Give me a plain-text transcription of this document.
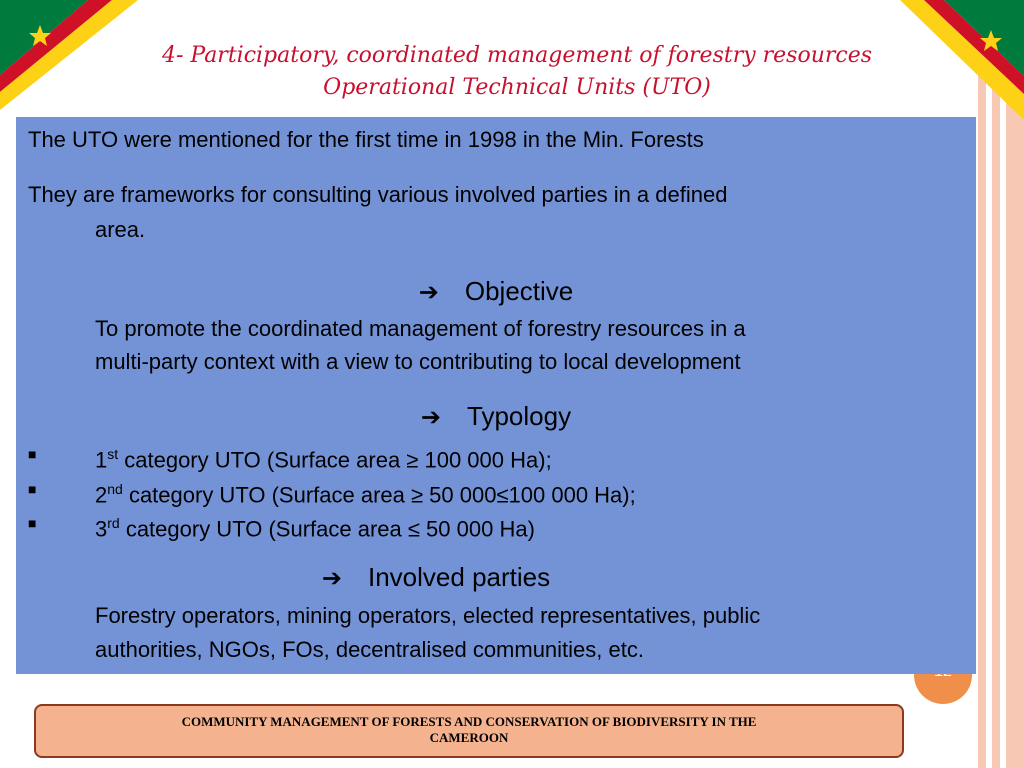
4- Participatory, coordinated management of forestry resources
Operational Technical Units (UTO)
The UTO were mentioned for the first time in 1998 in the Min. Forests
They are frameworks for consulting various involved parties in a defined
area.
➔ Objective
To promote the coordinated management of forestry resources in a
multi-party context with a view to contributing to local development
➔ Typology
■	1st category UTO (Surface area ≥ 100 000 Ha);
■	2nd category UTO (Surface area ≥ 50 000≤100 000 Ha);
■	3rd category UTO (Surface area ≤ 50 000 Ha)
➔ Involved parties
Forestry operators, mining operators, elected representatives, public
authorities, NGOs, FOs, decentralised communities, etc.
COMMUNITY MANAGEMENT OF FORESTS AND CONSERVATION OF BIODIVERSITY IN THE
CAMEROON
